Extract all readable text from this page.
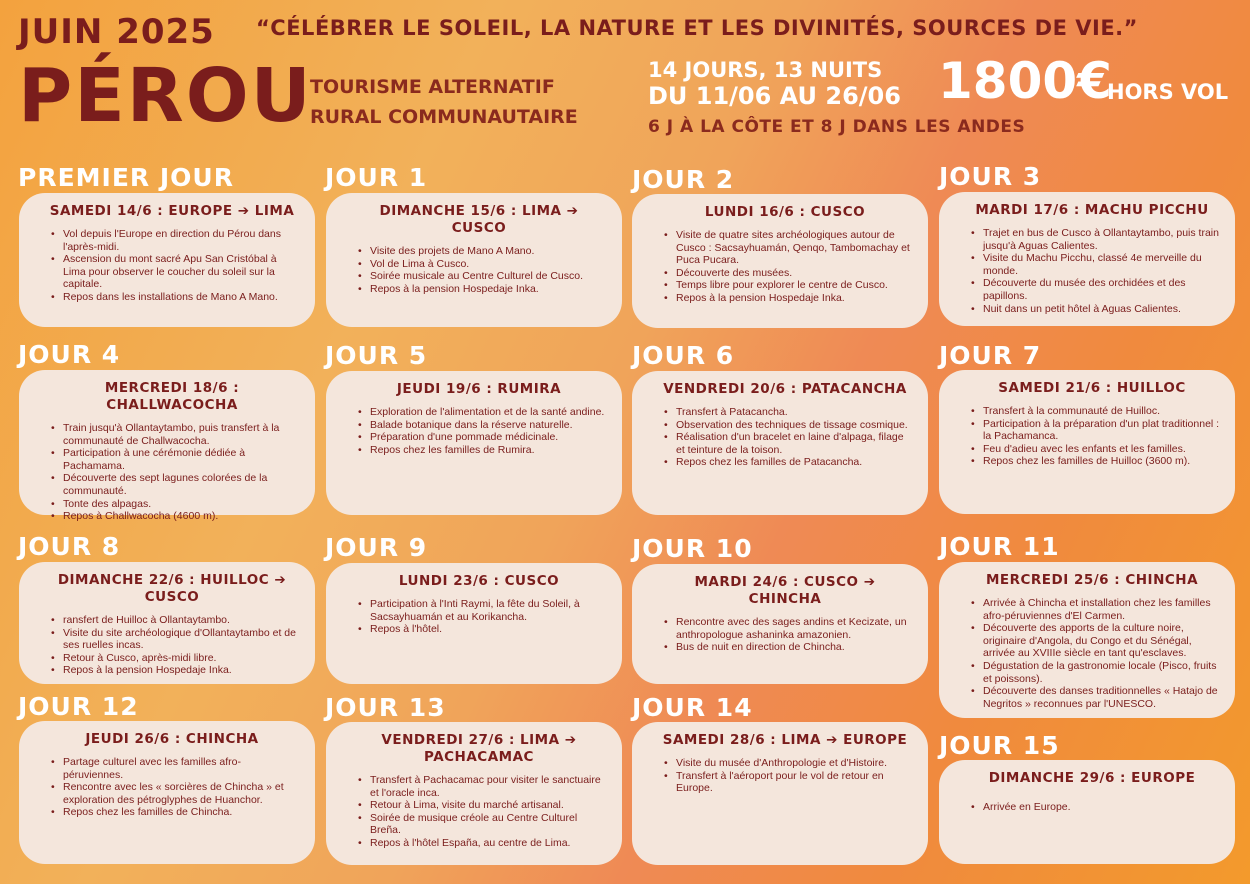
JUIN 2025
PÉROU
“CÉLÉBRER LE SOLEIL, LA NATURE ET LES DIVINITÉS, SOURCES DE VIE.”
TOURISME ALTERNATIF
RURAL COMMUNAUTAIRE
14 JOURS, 13 NUITS
DU 11/06 AU 26/06
6 J À LA CÔTE ET 8 J DANS LES ANDES
1800€
HORS VOL
PREMIER JOUR
SAMEDI 14/6 : EUROPE ➔ LIMA
• Vol depuis l'Europe en direction du Pérou dans l'après-midi.
• Ascension du mont sacré Apu San Cristóbal à Lima pour observer le coucher du soleil sur la capitale.
• Repos dans les installations de Mano A Mano.
JOUR 1
DIMANCHE 15/6 : LIMA ➔ CUSCO
• Visite des projets de Mano A Mano.
• Vol de Lima à Cusco.
• Soirée musicale au Centre Culturel de Cusco.
• Repos à la pension Hospedaje Inka.
JOUR 2
LUNDI 16/6 : CUSCO
• Visite de quatre sites archéologiques autour de Cusco : Sacsayhuamán, Qenqo, Tambomachay et Puca Pucara.
• Découverte des musées.
• Temps libre pour explorer le centre de Cusco.
• Repos à la pension Hospedaje Inka.
JOUR 3
MARDI 17/6 : MACHU PICCHU
• Trajet en bus de Cusco à Ollantaytambo, puis train jusqu'à Aguas Calientes.
• Visite du Machu Picchu, classé 4e merveille du monde.
• Découverte du musée des orchidées et des papillons.
• Nuit dans un petit hôtel à Aguas Calientes.
JOUR 4
MERCREDI 18/6 : CHALLWACOCHA
• Train jusqu'à Ollantaytambo, puis transfert à la communauté de Challwacocha.
• Participation à une cérémonie dédiée à Pachamama.
• Découverte des sept lagunes colorées de la communauté.
• Tonte des alpagas.
• Repos à Challwacocha (4600 m).
JOUR 5
JEUDI 19/6 : RUMIRA
• Exploration de l'alimentation et de la santé andine.
• Balade botanique dans la réserve naturelle.
• Préparation d'une pommade médicinale.
• Repos chez les familles de Rumira.
JOUR 6
VENDREDI 20/6 : PATACANCHA
• Transfert à Patacancha.
• Observation des techniques de tissage cosmique.
• Réalisation d'un bracelet en laine d'alpaga, filage et teinture de la toison.
• Repos chez les familles de Patacancha.
JOUR 7
SAMEDI 21/6 : HUILLOC
• Transfert à la communauté de Huilloc.
• Participation à la préparation d'un plat traditionnel : la Pachamanca.
• Feu d'adieu avec les enfants et les familles.
• Repos chez les familles de Huilloc (3600 m).
JOUR 8
DIMANCHE 22/6 : HUILLOC ➔ CUSCO
• ransfert de Huilloc à Ollantaytambo.
• Visite du site archéologique d'Ollantaytambo et de ses ruelles incas.
• Retour à Cusco, après-midi libre.
• Repos à la pension Hospedaje Inka.
JOUR 9
LUNDI 23/6 : CUSCO
• Participation à l'Inti Raymi, la fête du Soleil, à Sacsayhuamán et au Korikancha.
• Repos à l'hôtel.
JOUR 10
MARDI 24/6 : CUSCO ➔ CHINCHA
• Rencontre avec des sages andins et Kecizate, un anthropologue ashaninka amazonien.
• Bus de nuit en direction de Chincha.
JOUR 11
MERCREDI 25/6 : CHINCHA
• Arrivée à Chincha et installation chez les familles afro-péruviennes d'El Carmen.
• Découverte des apports de la culture noire, originaire d'Angola, du Congo et du Sénégal, arrivée au XVIIIe siècle en tant qu'esclaves.
• Dégustation de la gastronomie locale (Pisco, fruits et poissons).
• Découverte des danses traditionnelles « Hatajo de Negritos » reconnues par l'UNESCO.
JOUR 12
JEUDI 26/6 : CHINCHA
• Partage culturel avec les familles afro-péruviennes.
• Rencontre avec les « sorcières de Chincha » et exploration des pétroglyphes de Huanchor.
• Repos chez les familles de Chincha.
JOUR 13
VENDREDI 27/6 : LIMA ➔ PACHACAMAC
• Transfert à Pachacamac pour visiter le sanctuaire et l'oracle inca.
• Retour à Lima, visite du marché artisanal.
• Soirée de musique créole au Centre Culturel Breña.
• Repos à l'hôtel España, au centre de Lima.
JOUR 14
SAMEDI 28/6 : LIMA ➔ EUROPE
• Visite du musée d'Anthropologie et d'Histoire.
• Transfert à l'aéroport pour le vol de retour en Europe.
JOUR 15
DIMANCHE 29/6 : EUROPE
• Arrivée en Europe.
